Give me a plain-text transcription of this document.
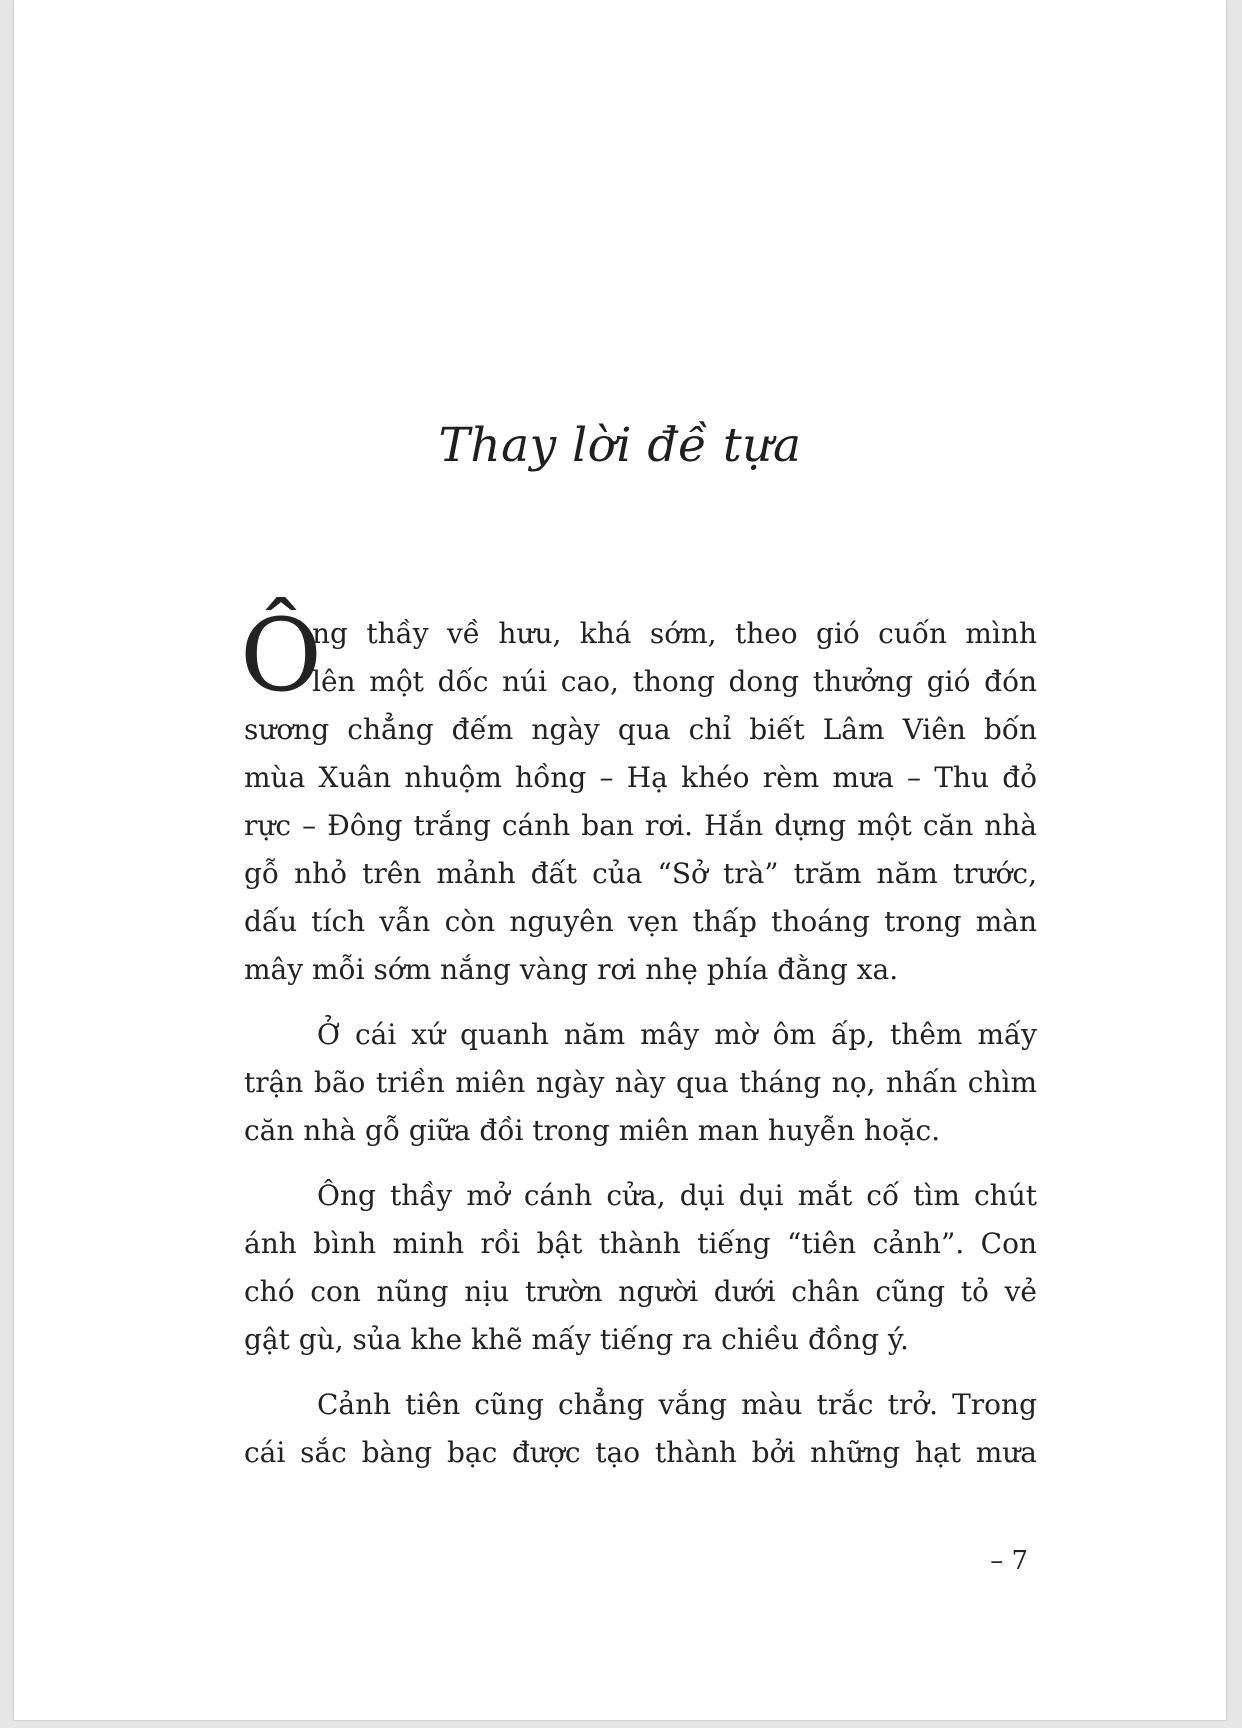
Thay lời đề tựa
Ô
ng thầy về hưu, khá sớm, theo gió cuốn mình
lên một dốc núi cao, thong dong thưởng gió đón
sương chẳng đếm ngày qua chỉ biết Lâm Viên bốn
mùa Xuân nhuộm hồng – Hạ khéo rèm mưa – Thu đỏ
rực – Đông trắng cánh ban rơi. Hắn dựng một căn nhà
gỗ nhỏ trên mảnh đất của “Sở trà” trăm năm trước,
dấu tích vẫn còn nguyên vẹn thấp thoáng trong màn
mây mỗi sớm nắng vàng rơi nhẹ phía đằng xa.
Ở cái xứ quanh năm mây mờ ôm ấp, thêm mấy
trận bão triền miên ngày này qua tháng nọ, nhấn chìm
căn nhà gỗ giữa đồi trong miên man huyễn hoặc.
Ông thầy mở cánh cửa, dụi dụi mắt cố tìm chút
ánh bình minh rồi bật thành tiếng “tiên cảnh”. Con
chó con nũng nịu trườn người dưới chân cũng tỏ vẻ
gật gù, sủa khe khẽ mấy tiếng ra chiều đồng ý.
Cảnh tiên cũng chẳng vắng màu trắc trở. Trong
cái sắc bàng bạc được tạo thành bởi những hạt mưa
– 7
